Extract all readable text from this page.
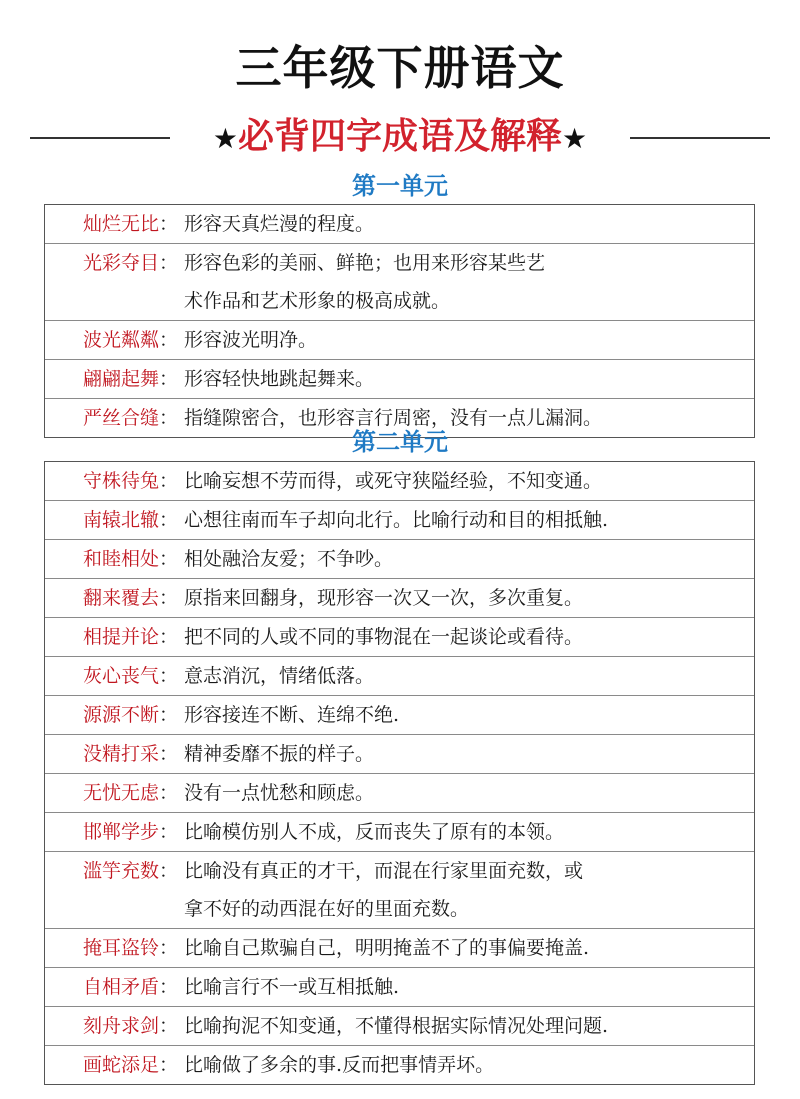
三年级下册语文
★必背四字成语及解释★
第一单元
灿烂无比 ： 形容天真烂漫的程度。
光彩夺目 ： 形容色彩的美丽、鲜艳；也用来形容某些艺
术作品和艺术形象的极高成就。
波光粼粼 ： 形容波光明净。
翩翩起舞 ： 形容轻快地跳起舞来。
严丝合缝 ： 指缝隙密合，也形容言行周密，没有一点儿漏洞。
第二单元
守株待兔 ： 比喻妄想不劳而得，或死守狭隘经验，不知变通。
南辕北辙 ： 心想往南而车子却向北行。比喻行动和目的相抵触.
和睦相处 ： 相处融洽友爱；不争吵。
翻来覆去 ： 原指来回翻身，现形容一次又一次，多次重复。
相提并论 ： 把不同的人或不同的事物混在一起谈论或看待。
灰心丧气 ： 意志消沉，情绪低落。
源源不断 ： 形容接连不断、连绵不绝.
没精打采 ： 精神委靡不振的样子。
无忧无虑 ： 没有一点忧愁和顾虑。
邯郸学步 ： 比喻模仿别人不成，反而丧失了原有的本领。
滥竽充数 ： 比喻没有真正的才干，而混在行家里面充数，或
拿不好的动西混在好的里面充数。
掩耳盗铃 ： 比喻自己欺骗自己，明明掩盖不了的事偏要掩盖.
自相矛盾 ： 比喻言行不一或互相抵触.
刻舟求剑 ： 比喻拘泥不知变通，不懂得根据实际情况处理问题.
画蛇添足 ： 比喻做了多余的事.反而把事情弄坏。
